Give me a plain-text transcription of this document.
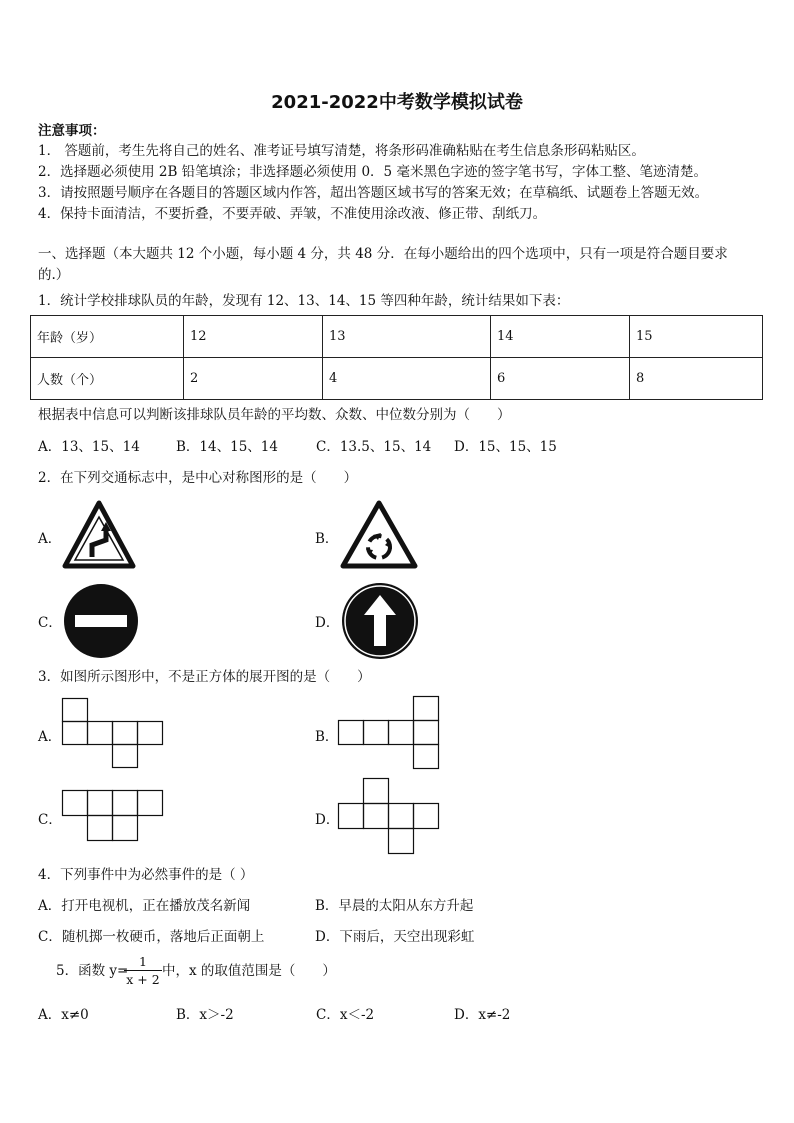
2021-2022中考数学模拟试卷
注意事项：
1． 答题前，考生先将自己的姓名、准考证号填写清楚，将条形码准确粘贴在考生信息条形码粘贴区。
2．选择题必须使用 2B 铅笔填涂；非选择题必须使用 0．5 毫米黑色字迹的签字笔书写，字体工整、笔迹清楚。
3．请按照题号顺序在各题目的答题区域内作答，超出答题区域书写的答案无效；在草稿纸、试题卷上答题无效。
4．保持卡面清洁，不要折叠，不要弄破、弄皱，不准使用涂改液、修正带、刮纸刀。
一、选择题（本大题共 12 个小题，每小题 4 分，共 48 分．在每小题给出的四个选项中，只有一项是符合题目要求
的.）
1．统计学校排球队员的年龄，发现有 12、13、14、15 等四种年龄，统计结果如下表：
年龄（岁）	12	13	14	15
人数（个）	2	4	6	8
根据表中信息可以判断该排球队员年龄的平均数、众数、中位数分别为（　　）
A．13、15、14	B．14、15、14	C．13.5、15、14 D．15、15、15
2．在下列交通标志中，是中心对称图形的是（　　）
A．	B．
C．	D．
3．如图所示图形中，不是正方体的展开图的是（　　）
A．	B．
C．	D．
4．下列事件中为必然事件的是（ ）
A．打开电视机，正在播放茂名新闻	B．早晨的太阳从东方升起
C．随机掷一枚硬币，落地后正面朝上	D．下雨后，天空出现彩虹
5．函数 y=
$\frac{1}{x + 2}$ 中，x 的取值范围是（　　）
A．x≠0	B．x＞-2	C．x＜-2	D．x≠-2
